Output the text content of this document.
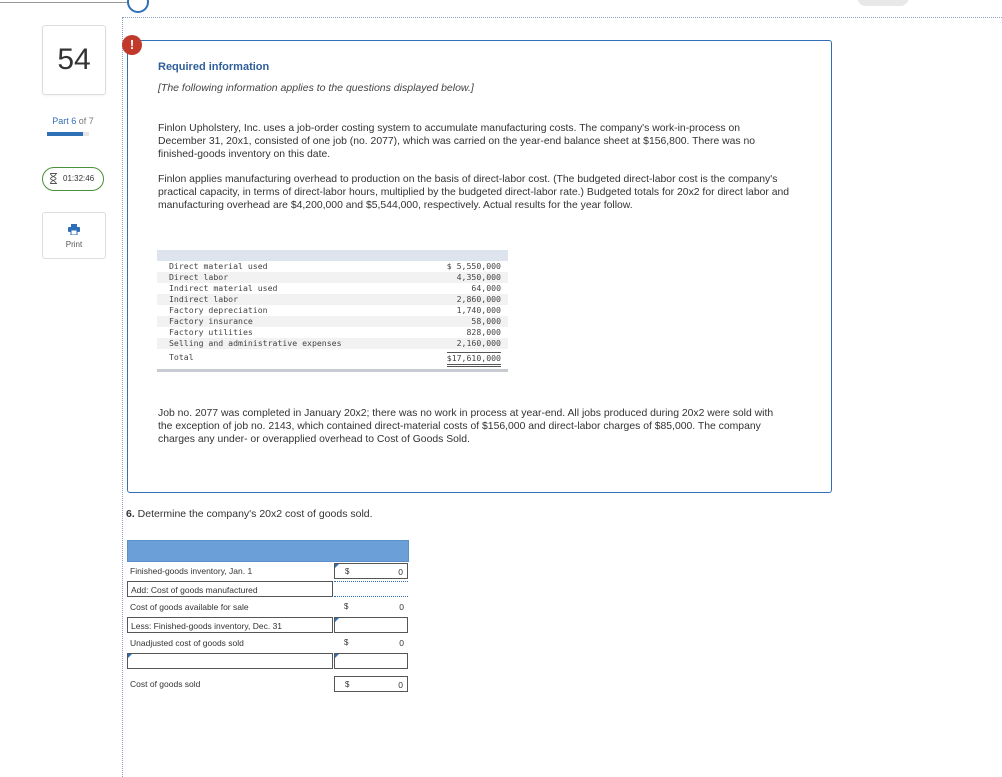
54
Part 6 of 7
01:32:46
Print
!
Required information
[The following information applies to the questions displayed below.]

Finlon Upholstery, Inc. uses a job-order costing system to accumulate manufacturing costs. The company's work-in-process on December 31, 20x1, consisted of one job (no. 2077), which was carried on the year-end balance sheet at $156,800. There was no finished-goods inventory on this date.

Finlon applies manufacturing overhead to production on the basis of direct-labor cost. (The budgeted direct-labor cost is the company's practical capacity, in terms of direct-labor hours, multiplied by the budgeted direct-labor rate.) Budgeted totals for 20x2 for direct labor and manufacturing overhead are $4,200,000 and $5,544,000, respectively. Actual results for the year follow.

Direct material used	$ 5,550,000
Direct labor	4,350,000
Indirect material used	64,000
Indirect labor	2,860,000
Factory depreciation	1,740,000
Factory insurance	58,000
Factory utilities	828,000
Selling and administrative expenses	2,160,000
Total	$17,610,000

Job no. 2077 was completed in January 20x2; there was no work in process at year-end. All jobs produced during 20x2 were sold with the exception of job no. 2143, which contained direct-material costs of $156,000 and direct-labor charges of $85,000. The company charges any under- or overapplied overhead to Cost of Goods Sold.

6. Determine the company's 20x2 cost of goods sold.
Finished-goods inventory, Jan. 1	$	0
Add: Cost of goods manufactured
Cost of goods available for sale	$	0
Less: Finished-goods inventory, Dec. 31
Unadjusted cost of goods sold	$	0
Cost of goods sold	$	0
